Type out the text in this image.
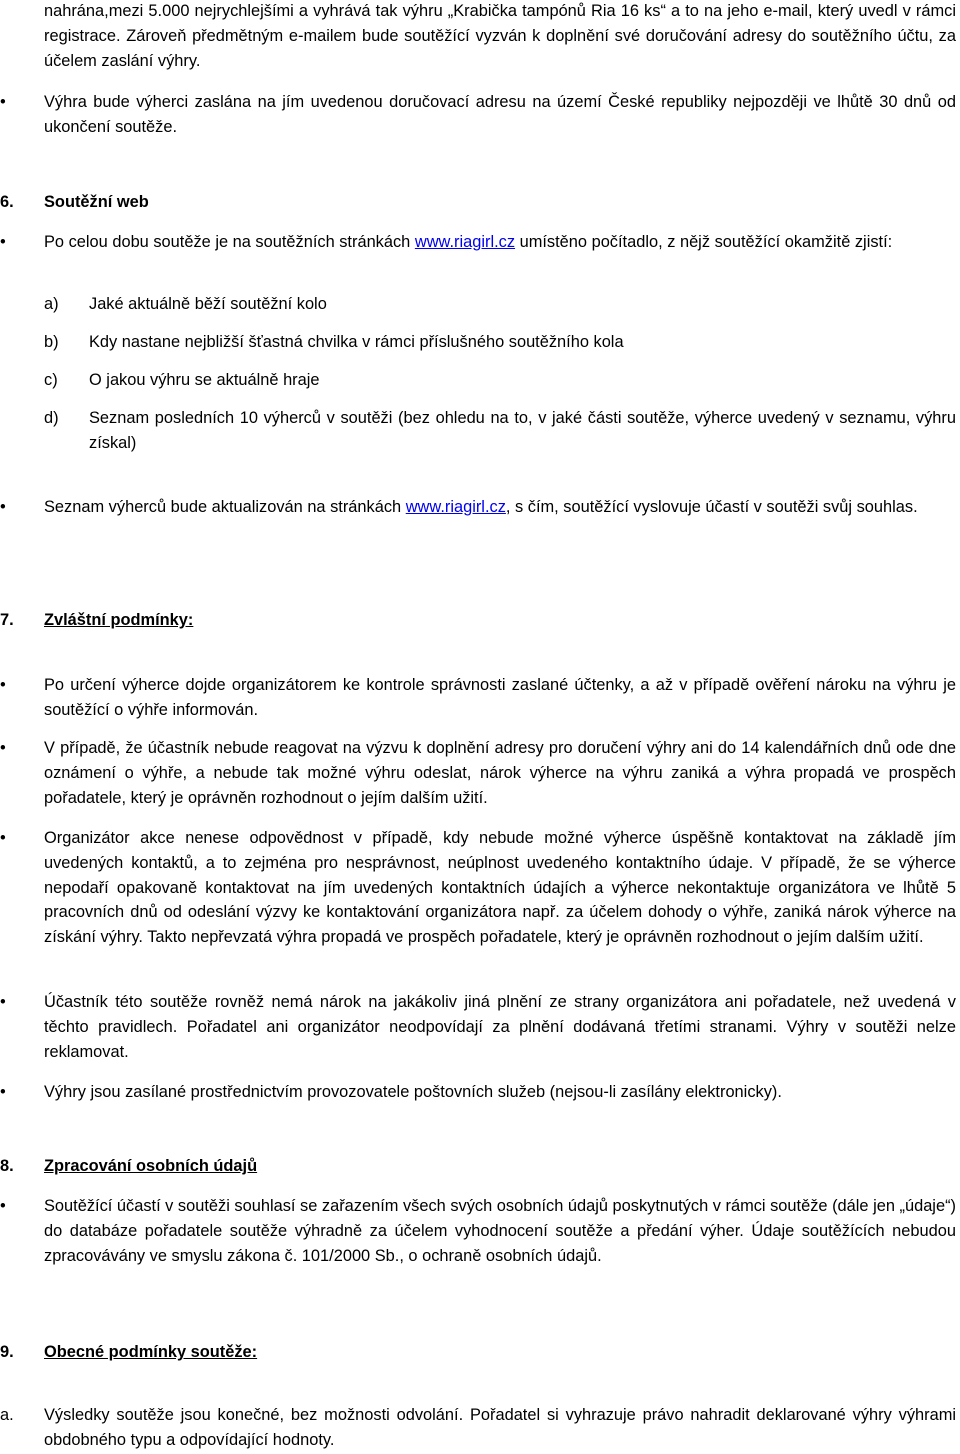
nahrána,mezi 5.000 nejrychlejšími a vyhrává tak výhru „Krabička tampónů Ria 16 ks“ a to na jeho e-mail, který uvedl v rámci registrace. Zároveň předmětným e-mailem bude soutěžící vyzván k doplnění své doručování adresy do soutěžního účtu, za účelem zaslání výhry.
•	Výhra bude výherci zaslána na jím uvedenou doručovací adresu na území České republiky nejpozději ve lhůtě 30 dnů od ukončení soutěže.
6. Soutěžní web
•	Po celou dobu soutěže je na soutěžních stránkách www.riagirl.cz umístěno počítadlo, z nějž soutěžící okamžitě zjistí:
a)	Jaké aktuálně běží soutěžní kolo
b)	Kdy nastane nejbližší šťastná chvilka v rámci příslušného soutěžního kola
c)	O jakou výhru se aktuálně hraje
d)	Seznam posledních 10 výherců v soutěži (bez ohledu na to, v jaké části soutěže, výherce uvedený v seznamu, výhru získal)
•	Seznam výherců bude aktualizován na stránkách www.riagirl.cz, s čím, soutěžící vyslovuje účastí v soutěži svůj souhlas.
7. Zvláštní podmínky:
•	Po určení výherce dojde organizátorem ke kontrole správnosti zaslané účtenky, a až v případě ověření nároku na výhru je soutěžící o výhře informován.
•	V případě, že účastník nebude reagovat na výzvu k doplnění adresy pro doručení výhry ani do 14 kalendářních dnů ode dne oznámení o výhře, a nebude tak možné výhru odeslat, nárok výherce na výhru zaniká a výhra propadá ve prospěch pořadatele, který je oprávněn rozhodnout o jejím dalším užití.
•	Organizátor akce nenese odpovědnost v případě, kdy nebude možné výherce úspěšně kontaktovat na základě jím uvedených kontaktů, a to zejména pro nesprávnost, neúplnost uvedeného kontaktního údaje. V případě, že se výherce nepodaří opakovaně kontaktovat na jím uvedených kontaktních údajích a výherce nekontaktuje organizátora ve lhůtě 5 pracovních dnů od odeslání výzvy ke kontaktování organizátora např. za účelem dohody o výhře, zaniká nárok výherce na získání výhry. Takto nepřevzatá výhra propadá ve prospěch pořadatele, který je oprávněn rozhodnout o jejím dalším užití.
•	Účastník této soutěže rovněž nemá nárok na jakákoliv jiná plnění ze strany organizátora ani pořadatele, než uvedená v těchto pravidlech. Pořadatel ani organizátor neodpovídají za plnění dodávaná třetími stranami. Výhry v soutěži nelze reklamovat.
•	Výhry jsou zasílané prostřednictvím provozovatele poštovních služeb (nejsou-li zasílány elektronicky).
8. Zpracování osobních údajů
•	Soutěžící účastí v soutěži souhlasí se zařazením všech svých osobních údajů poskytnutých v rámci soutěže (dále jen „údaje“) do databáze pořadatele soutěže výhradně za účelem vyhodnocení soutěže a předání výher. Údaje soutěžících nebudou zpracovávány ve smyslu zákona č. 101/2000 Sb., o ochraně osobních údajů.
9. Obecné podmínky soutěže:
a.	Výsledky soutěže jsou konečné, bez možnosti odvolání. Pořadatel si vyhrazuje právo nahradit deklarované výhry výhrami obdobného typu a odpovídající hodnoty.
